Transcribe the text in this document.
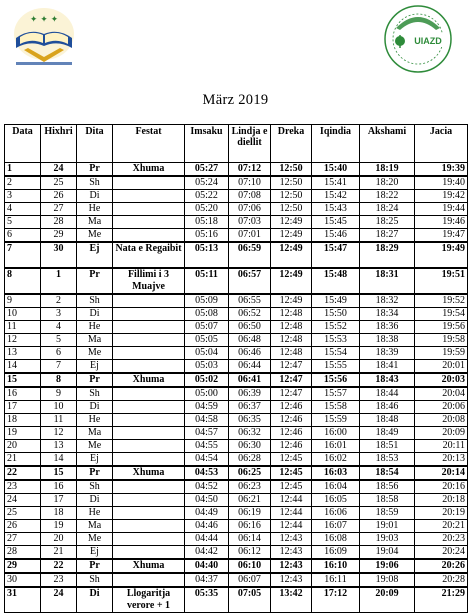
✦ ✦ ✦
UIAZD
März 2019
Data	Hixhri	Dita	Festat	Imsaku	Lindja e diellit	Dreka	Iqindia	Akshami	Jacia
1	24	Pr	Xhuma	05:27	07:12	12:50	15:40	18:19	19:39
2	25	Sh		05:24	07:10	12:50	15:41	18:20	19:40
3	26	Di		05:22	07:08	12:50	15:42	18:22	19:42
4	27	He		05:20	07:06	12:50	15:43	18:24	19:44
5	28	Ma		05:18	07:03	12:49	15:45	18:25	19:46
6	29	Me		05:16	07:01	12:49	15:46	18:27	19:47
7	30	Ej	Nata e Regaibit	05:13	06:59	12:49	15:47	18:29	19:49
8	1	Pr	Fillimi i 3 Muajve	05:11	06:57	12:49	15:48	18:31	19:51
9	2	Sh		05:09	06:55	12:49	15:49	18:32	19:52
10	3	Di		05:08	06:52	12:48	15:50	18:34	19:54
11	4	He		05:07	06:50	12:48	15:52	18:36	19:56
12	5	Ma		05:05	06:48	12:48	15:53	18:38	19:58
13	6	Me		05:04	06:46	12:48	15:54	18:39	19:59
14	7	Ej		05:03	06:44	12:47	15:55	18:41	20:01
15	8	Pr	Xhuma	05:02	06:41	12:47	15:56	18:43	20:03
16	9	Sh		05:00	06:39	12:47	15:57	18:44	20:04
17	10	Di		04:59	06:37	12:46	15:58	18:46	20:06
18	11	He		04:58	06:35	12:46	15:59	18:48	20:08
19	12	Ma		04:57	06:32	12:46	16:00	18:49	20:09
20	13	Me		04:55	06:30	12:46	16:01	18:51	20:11
21	14	Ej		04:54	06:28	12:45	16:02	18:53	20:13
22	15	Pr	Xhuma	04:53	06:25	12:45	16:03	18:54	20:14
23	16	Sh		04:52	06:23	12:45	16:04	18:56	20:16
24	17	Di		04:50	06:21	12:44	16:05	18:58	20:18
25	18	He		04:49	06:19	12:44	16:06	18:59	20:19
26	19	Ma		04:46	06:16	12:44	16:07	19:01	20:21
27	20	Me		04:44	06:14	12:43	16:08	19:03	20:23
28	21	Ej		04:42	06:12	12:43	16:09	19:04	20:24
29	22	Pr	Xhuma	04:40	06:10	12:43	16:10	19:06	20:26
30	23	Sh		04:37	06:07	12:43	16:11	19:08	20:28
31	24	Di	Llogaritja verore + 1	05:35	07:05	13:42	17:12	20:09	21:29
